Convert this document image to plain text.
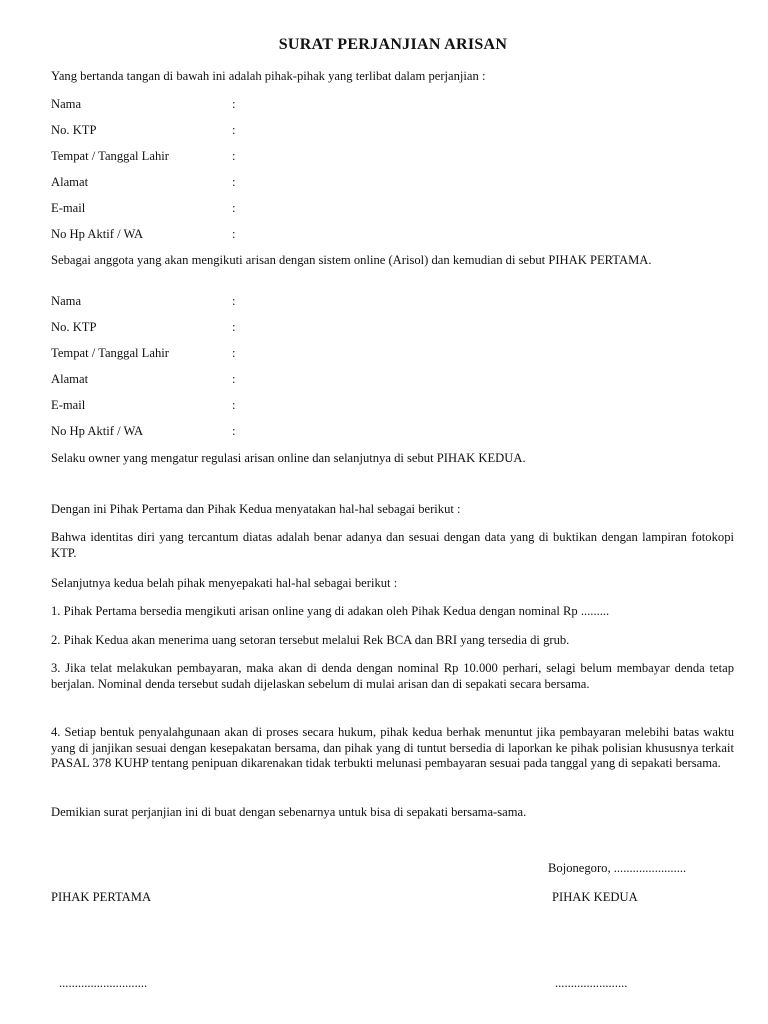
SURAT PERJANJIAN ARISAN
Yang bertanda tangan di bawah ini adalah pihak-pihak yang terlibat dalam perjanjian :
Nama	:
No. KTP	:
Tempat / Tanggal Lahir	:
Alamat	:
E-mail	:
No Hp Aktif / WA	:
Sebagai anggota yang akan mengikuti arisan dengan sistem online (Arisol) dan kemudian di sebut PIHAK PERTAMA.
Nama	:
No. KTP	:
Tempat / Tanggal Lahir	:
Alamat	:
E-mail	:
No Hp Aktif / WA	:
Selaku owner yang mengatur regulasi arisan online dan selanjutnya di sebut PIHAK KEDUA.
Dengan ini Pihak Pertama dan Pihak Kedua menyatakan hal-hal sebagai berikut :
Bahwa identitas diri yang tercantum diatas adalah benar adanya dan sesuai dengan data yang di buktikan dengan lampiran fotokopi KTP.
Selanjutnya kedua belah pihak menyepakati hal-hal sebagai berikut :
1. Pihak Pertama bersedia mengikuti arisan online yang di adakan oleh Pihak Kedua dengan nominal Rp .........
2. Pihak Kedua akan menerima uang setoran tersebut melalui Rek BCA dan BRI yang tersedia di grub.
3. Jika telat melakukan pembayaran, maka akan di denda dengan nominal Rp 10.000 perhari, selagi belum membayar denda tetap berjalan. Nominal denda tersebut sudah dijelaskan sebelum di mulai arisan dan di sepakati secara bersama.
4. Setiap bentuk penyalahgunaan akan di proses secara hukum, pihak kedua berhak menuntut jika pembayaran melebihi batas waktu yang di janjikan sesuai dengan kesepakatan bersama, dan pihak yang di tuntut bersedia di laporkan ke pihak polisian khususnya terkait PASAL 378 KUHP tentang penipuan dikarenakan tidak terbukti melunasi pembayaran sesuai pada tanggal yang di sepakati bersama.
Demikian surat perjanjian ini di buat dengan sebenarnya untuk bisa di sepakati bersama-sama.
Bojonegoro, .......................
PIHAK PERTAMA	PIHAK KEDUA
............................	.......................
